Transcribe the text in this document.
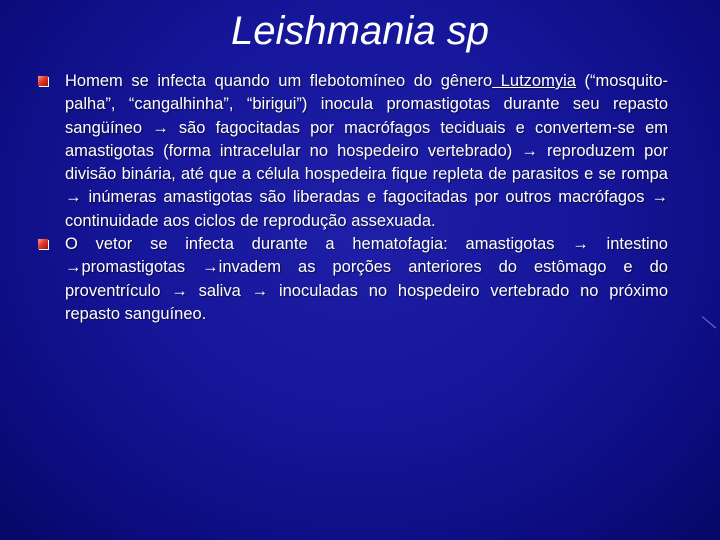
Leishmania sp
Homem se infecta quando um flebotomíneo do gênero Lutzomyia (“mosquito-palha”, “cangalhinha”, “birigui”) inocula promastigotas durante seu repasto sangüíneo → são fagocitadas por macrófagos teciduais e convertem-se em amastigotas (forma intracelular no hospedeiro vertebrado) → reproduzem por divisão binária, até que a célula hospedeira fique repleta de parasitos e se rompa → inúmeras amastigotas são liberadas e fagocitadas por outros macrófagos → continuidade aos ciclos de reprodução assexuada.
O vetor se infecta durante a hematofagia: amastigotas → intestino →promastigotas →invadem as porções anteriores do estômago e do proventrículo → saliva → inoculadas no hospedeiro vertebrado no próximo repasto sanguíneo.
